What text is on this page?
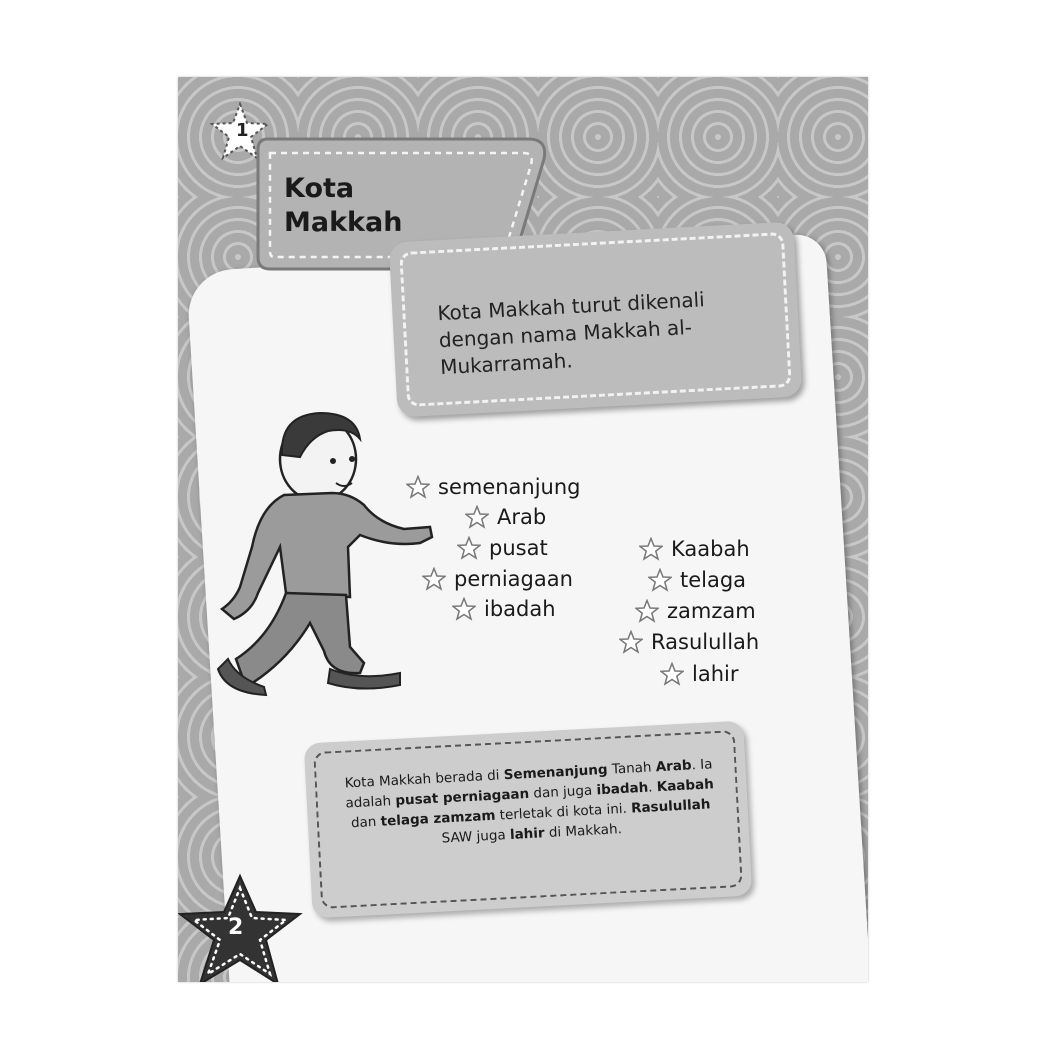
1
Kota Makkah
Kota Makkah turut dikenali dengan nama Makkah al-Mukarramah.
semenanjung
Arab
pusat
perniagaan
ibadah
Kaabah
telaga
zamzam
Rasulullah
lahir
Kota Makkah berada di Semenanjung Tanah Arab. Ia adalah pusat perniagaan dan juga ibadah. Kaabah dan telaga zamzam terletak di kota ini. Rasulullah SAW juga lahir di Makkah.
2
